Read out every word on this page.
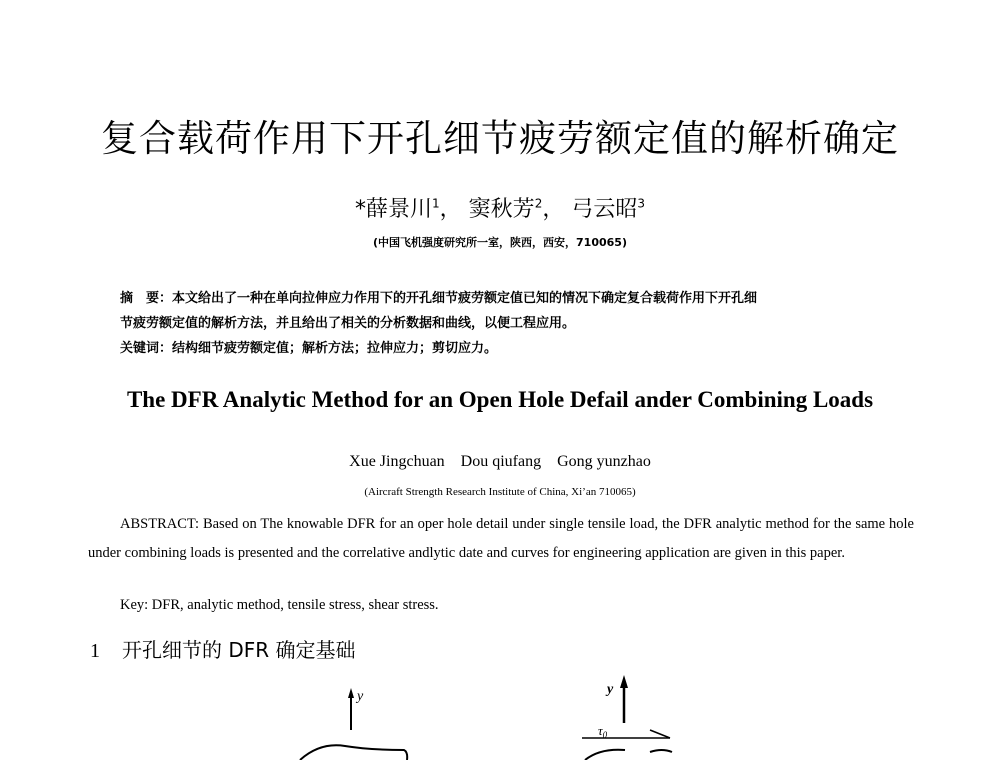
复合载荷作用下开孔细节疲劳额定值的解析确定
*薛景川$^1$， 窦秋芳$^2$， 弓云昭$^3$
(中国飞机强度研究所一室，陕西，西安，710065)
摘　要：本文给出了一种在单向拉伸应力作用下的开孔细节疲劳额定值已知的情况下确定复合载荷作用下开孔细
节疲劳额定值的解析方法，并且给出了相关的分析数据和曲线，以便工程应用。
关键词：结构细节疲劳额定值；解析方法；拉伸应力；剪切应力。
The DFR Analytic Method for an Open Hole Defail ander Combining Loads
Xue Jingchuan    Dou qiufang    Gong yunzhao
(Aircraft Strength Research Institute of China, Xi’an 710065)
ABSTRACT: Based on The knowable DFR for an oper hole detail under single tensile load, the DFR analytic method for the same hole under combining loads is presented and the correlative andlytic date and curves for engineering application are given in this paper.
Key: DFR, analytic method, tensile stress, shear stress.
1 开孔细节的 DFR 确定基础
y	y
$\tau_0$
